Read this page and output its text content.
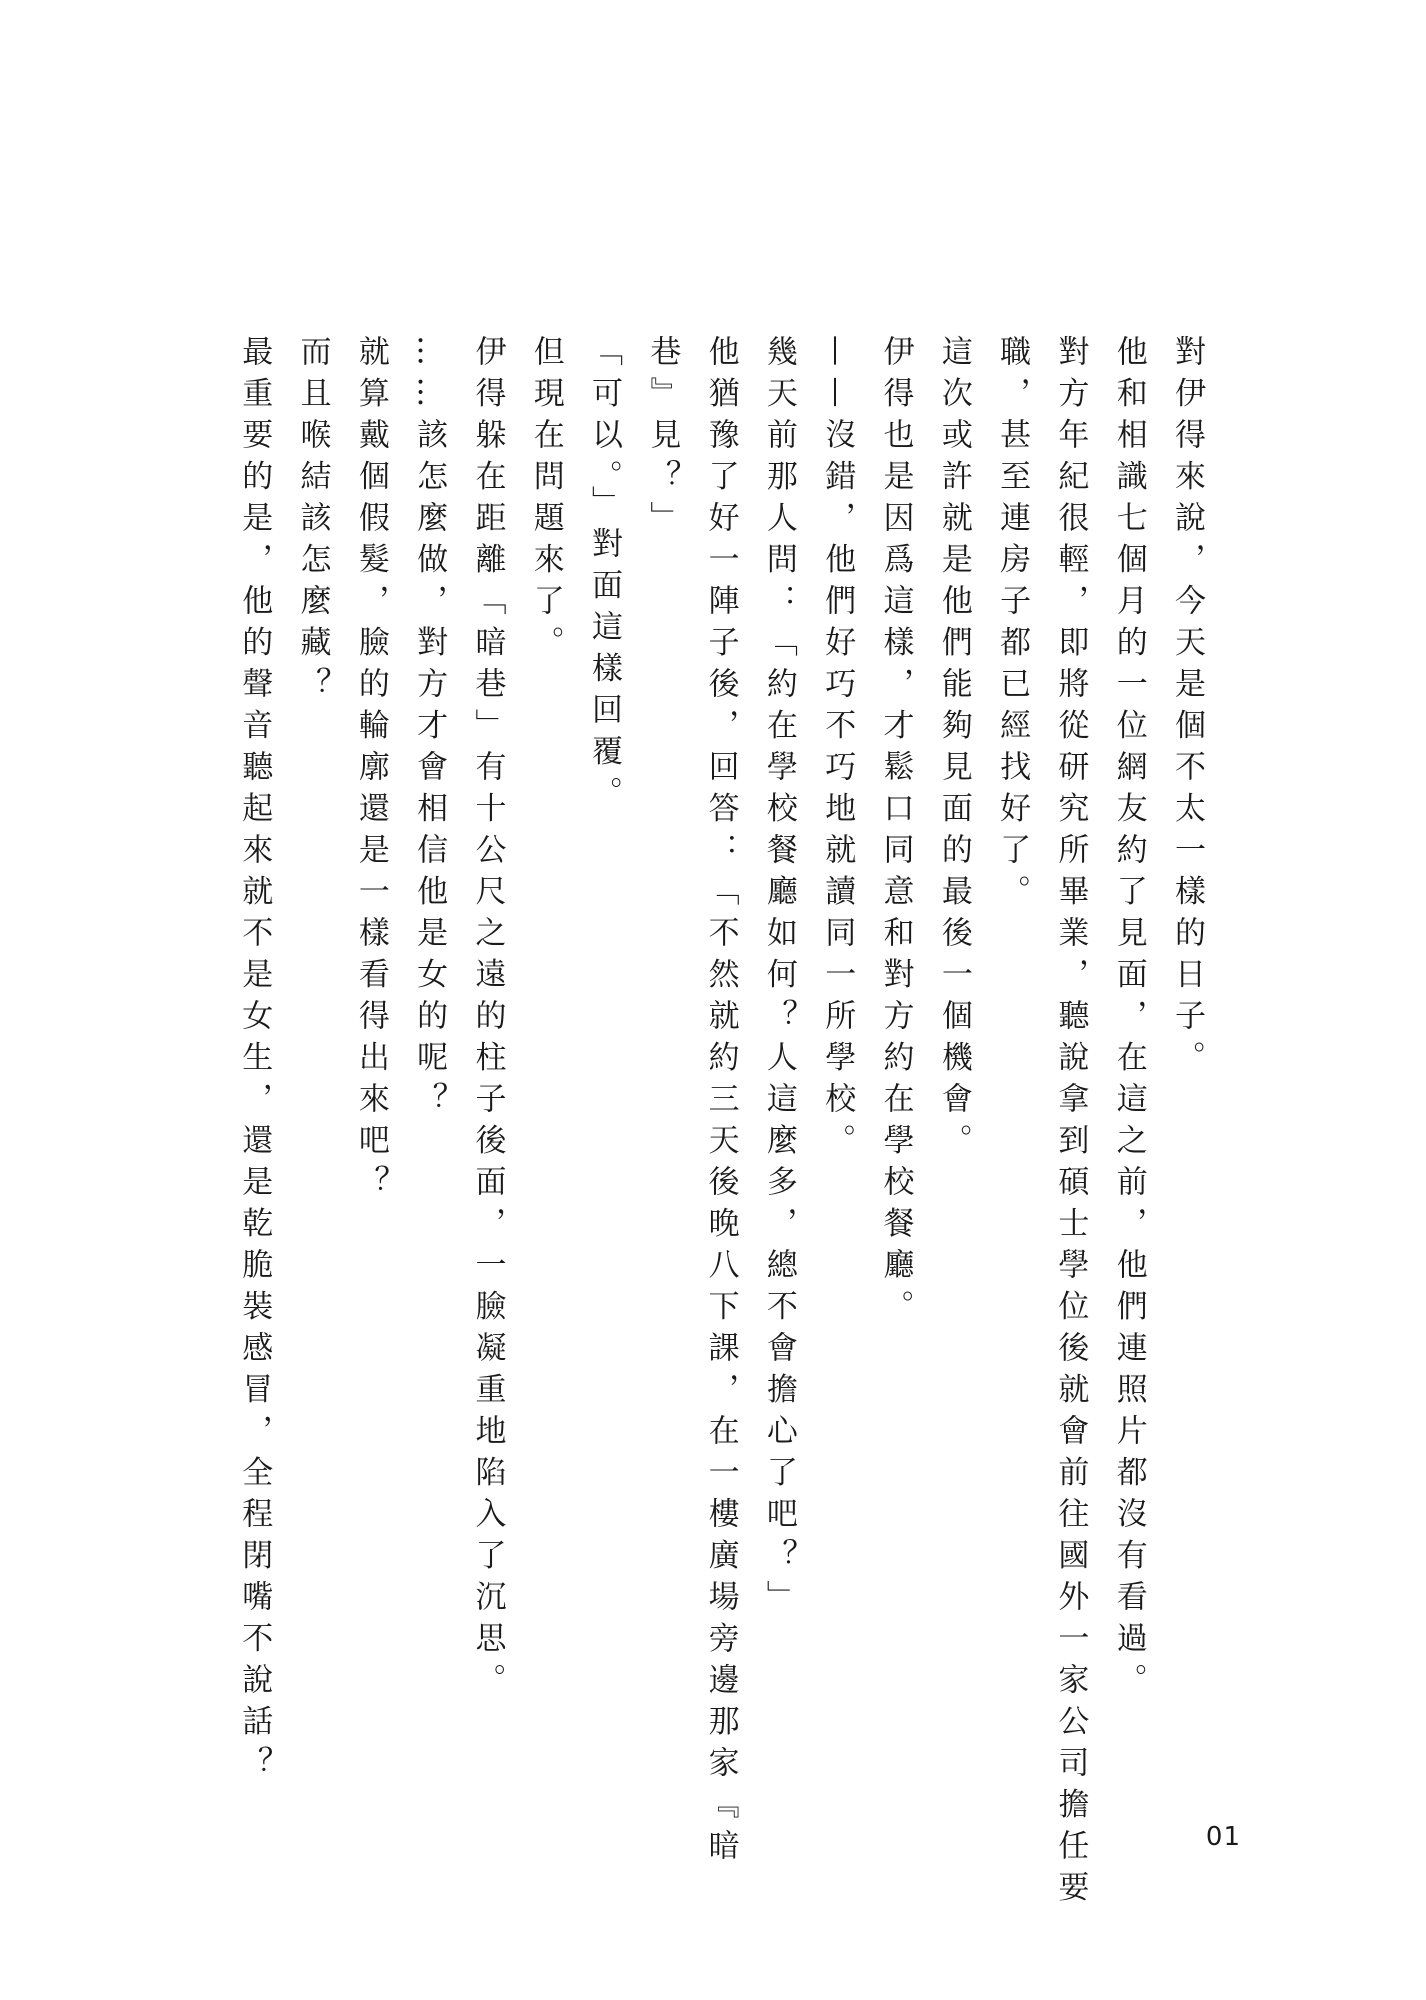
對伊得來說，今天是個不太一樣的日子。
他和相識七個月的一位網友約了見面，在這之前，他們連照片都沒有看過。
對方年紀很輕，即將從研究所畢業，聽說拿到碩士學位後就會前往國外一家公司擔任要
職，甚至連房子都已經找好了。
這次或許就是他們能夠見面的最後一個機會。
伊得也是因爲這樣，才鬆口同意和對方約在學校餐廳。
——沒錯，他們好巧不巧地就讀同一所學校。
幾天前那人問：「約在學校餐廳如何？人這麼多，總不會擔心了吧？」
他猶豫了好一陣子後，回答：「不然就約三天後晚八下課，在一樓廣場旁邊那家『暗
巷』見？」
「可以。」對面這樣回覆。
但現在問題來了。
伊得躲在距離「暗巷」有十公尺之遠的柱子後面，一臉凝重地陷入了沉思。
……該怎麼做，對方才會相信他是女的呢？
就算戴個假髮，臉的輪廓還是一樣看得出來吧？
而且喉結該怎麼藏？
最重要的是，他的聲音聽起來就不是女生，還是乾脆裝感冒，全程閉嘴不說話？
01
